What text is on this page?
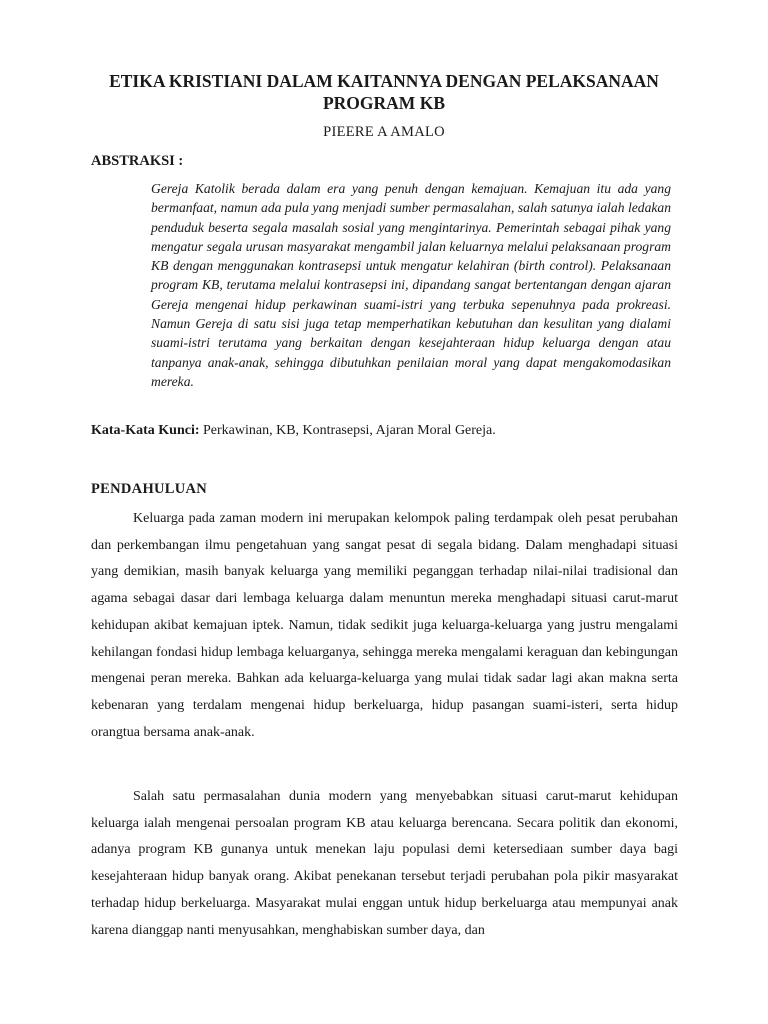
ETIKA KRISTIANI DALAM KAITANNYA DENGAN PELAKSANAAN PROGRAM KB
PIEERE A AMALO
ABSTRAKSI :

Gereja Katolik berada dalam era yang penuh dengan kemajuan. Kemajuan itu ada yang bermanfaat, namun ada pula yang menjadi sumber permasalahan, salah satunya ialah ledakan penduduk beserta segala masalah sosial yang mengintarinya. Pemerintah sebagai pihak yang mengatur segala urusan masyarakat mengambil jalan keluarnya melalui pelaksanaan program KB dengan menggunakan kontrasepsi untuk mengatur kelahiran (birth control). Pelaksanaan program KB, terutama melalui kontrasepsi ini, dipandang sangat bertentangan dengan ajaran Gereja mengenai hidup perkawinan suami-istri yang terbuka sepenuhnya pada prokreasi. Namun Gereja di satu sisi juga tetap memperhatikan kebutuhan dan kesulitan yang dialami suami-istri terutama yang berkaitan dengan kesejahteraan hidup keluarga dengan atau tanpanya anak-anak, sehingga dibutuhkan penilaian moral yang dapat mengakomodasikan mereka.

Kata-Kata Kunci: Perkawinan, KB, Kontrasepsi, Ajaran Moral Gereja.
PENDAHULUAN

Keluarga pada zaman modern ini merupakan kelompok paling terdampak oleh pesat perubahan dan perkembangan ilmu pengetahuan yang sangat pesat di segala bidang. Dalam menghadapi situasi yang demikian, masih banyak keluarga yang memiliki peganggan terhadap nilai-nilai tradisional dan agama sebagai dasar dari lembaga keluarga dalam menuntun mereka menghadapi situasi carut-marut kehidupan akibat kemajuan iptek. Namun, tidak sedikit juga keluarga-keluarga yang justru mengalami kehilangan fondasi hidup lembaga keluarganya, sehingga mereka mengalami keraguan dan kebingungan mengenai peran mereka. Bahkan ada keluarga-keluarga yang mulai tidak sadar lagi akan makna serta kebenaran yang terdalam mengenai hidup berkeluarga, hidup pasangan suami-isteri, serta hidup orangtua bersama anak-anak.

Salah satu permasalahan dunia modern yang menyebabkan situasi carut-marut kehidupan keluarga ialah mengenai persoalan program KB atau keluarga berencana. Secara politik dan ekonomi, adanya program KB gunanya untuk menekan laju populasi demi ketersediaan sumber daya bagi kesejahteraan hidup banyak orang. Akibat penekanan tersebut terjadi perubahan pola pikir masyarakat terhadap hidup berkeluarga. Masyarakat mulai enggan untuk hidup berkeluarga atau mempunyai anak karena dianggap nanti menyusahkan, menghabiskan sumber daya, dan
